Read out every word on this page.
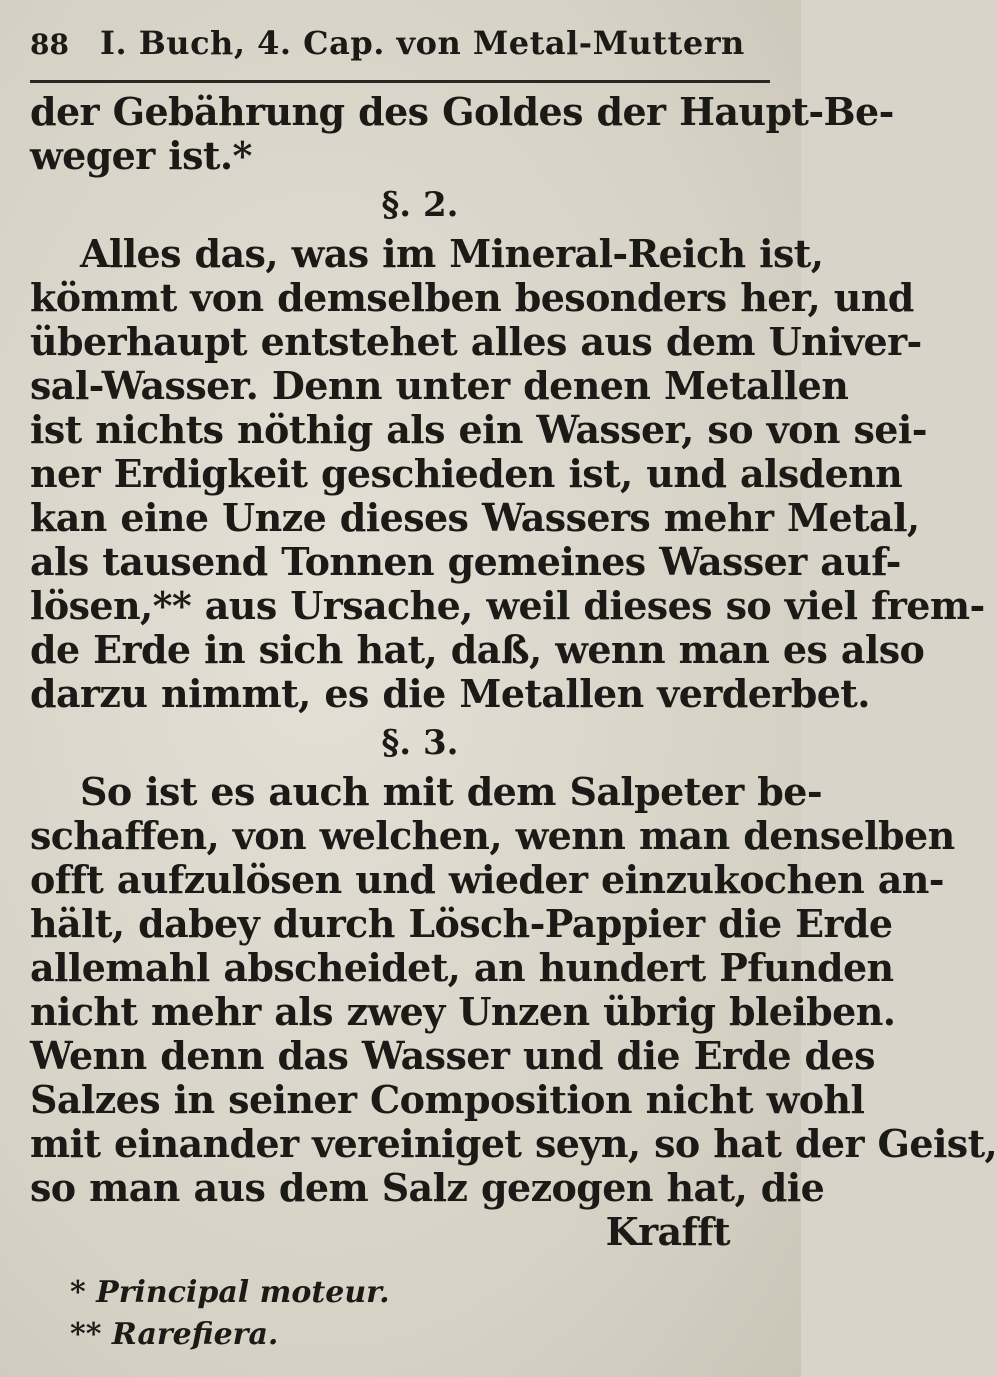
88 I. Buch, 4. Cap. von Metal-Muttern
der Gebährung des Goldes der Haupt-Be-
weger ist.*
§. 2.
Alles das, was im Mineral-Reich ist,
kömmt von demselben besonders her, und
überhaupt entstehet alles aus dem Univer-
sal-Wasser. Denn unter denen Metallen
ist nichts nöthig als ein Wasser, so von sei-
ner Erdigkeit geschieden ist, und alsdenn
kan eine Unze dieses Wassers mehr Metal,
als tausend Tonnen gemeines Wasser auf-
lösen,** aus Ursache, weil dieses so viel frem-
de Erde in sich hat, daß, wenn man es also
darzu nimmt, es die Metallen verderbet.
§. 3.
So ist es auch mit dem Salpeter be-
schaffen, von welchen, wenn man denselben
offt aufzulösen und wieder einzukochen an-
hält, dabey durch Lösch-Pappier die Erde
allemahl abscheidet, an hundert Pfunden
nicht mehr als zwey Unzen übrig bleiben.
Wenn denn das Wasser und die Erde des
Salzes in seiner Composition nicht wohl
mit einander vereiniget seyn, so hat der Geist,
so man aus dem Salz gezogen hat, die
Krafft
* Principal moteur.
** Rarefiera.
